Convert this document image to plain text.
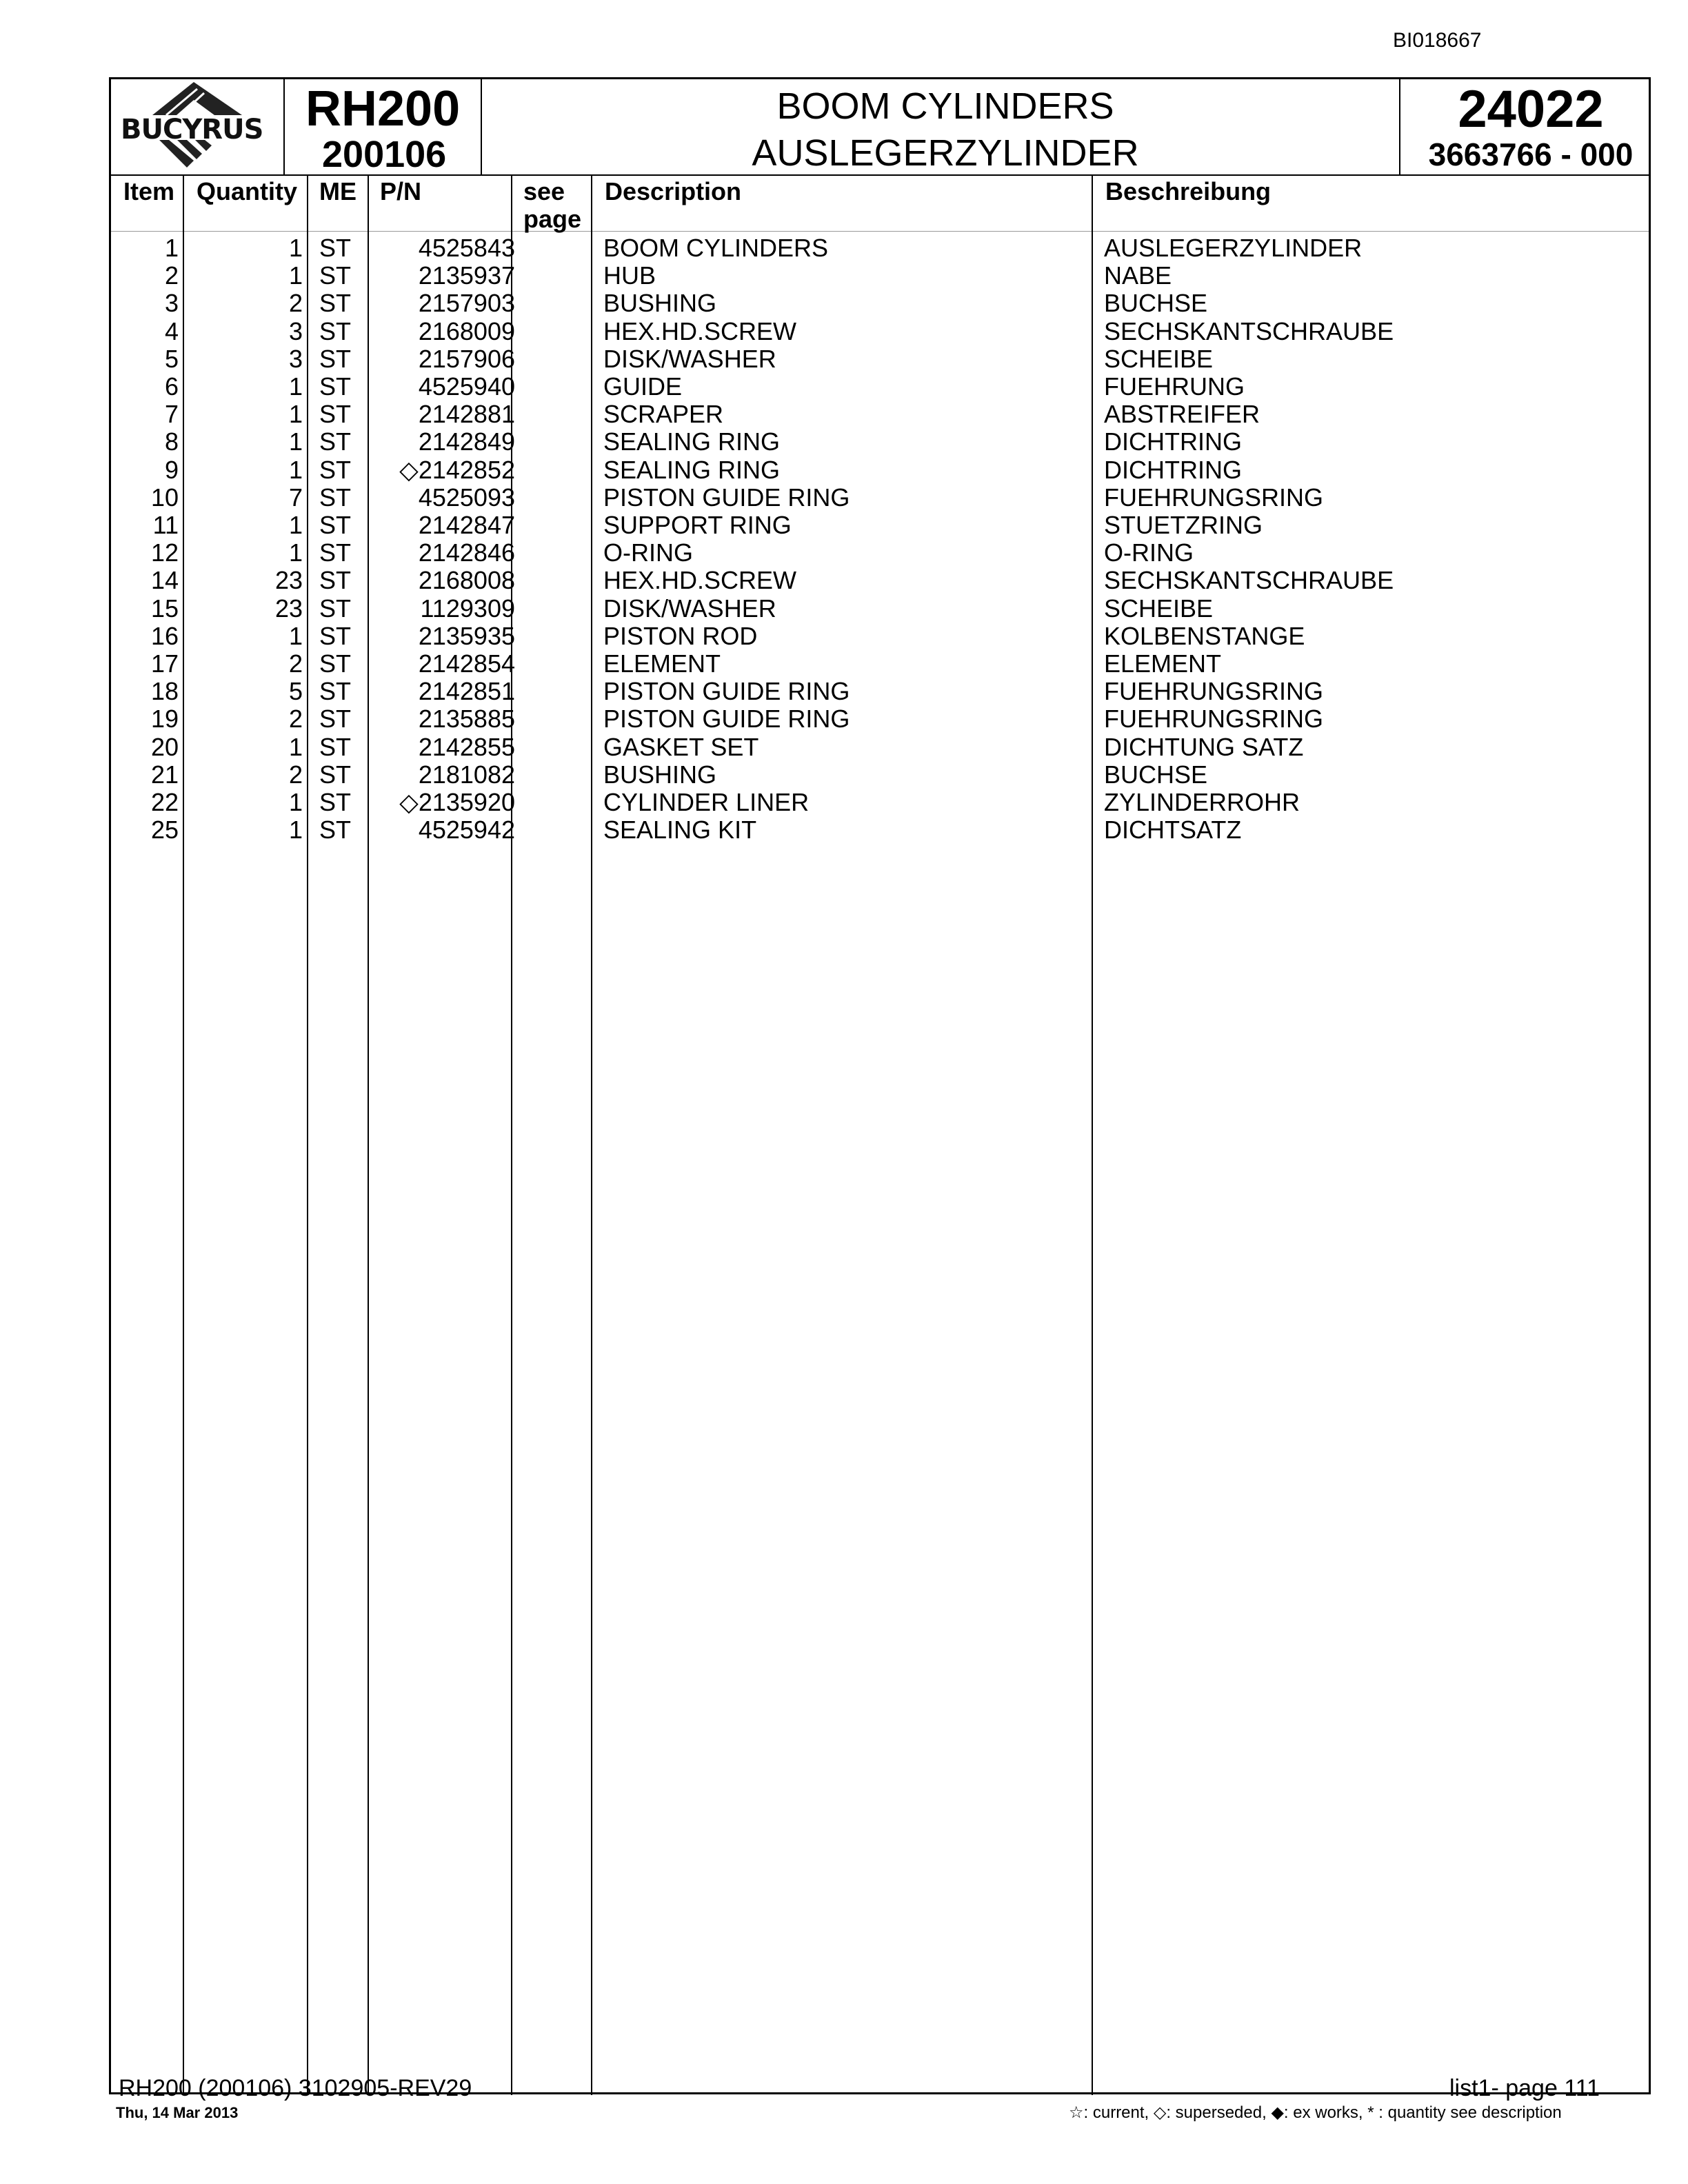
BI018667
BUCYRUS RH200
200106
BOOM CYLINDERS
AUSLEGERZYLINDER
24022
3663766 - 000
Item Quantity ME P/N	see
page
Description	Beschreibung
1	1 ST	4525843	BOOM CYLINDERS	AUSLEGERZYLINDER
2	1 ST	2135937	HUB	NABE
3	2 ST	2157903	BUSHING	BUCHSE
4	3 ST	2168009	HEX.HD.SCREW	SECHSKANTSCHRAUBE
5	3 ST	2157906	DISK/WASHER	SCHEIBE
6	1 ST	4525940	GUIDE	FUEHRUNG
7	1 ST	2142881	SCRAPER	ABSTREIFER
8	1 ST	2142849	SEALING RING	DICHTRING
9	1 ST ◇2142852	SEALING RING	DICHTRING
10	7 ST	4525093	PISTON GUIDE RING	FUEHRUNGSRING
11	1 ST	2142847	SUPPORT RING	STUETZRING
12	1 ST	2142846	O-RING	O-RING
14	23 ST	2168008	HEX.HD.SCREW	SECHSKANTSCHRAUBE
15	23 ST	1129309	DISK/WASHER	SCHEIBE
16	1 ST	2135935	PISTON ROD	KOLBENSTANGE
17	2 ST	2142854	ELEMENT	ELEMENT
18	5 ST	2142851	PISTON GUIDE RING	FUEHRUNGSRING
19	2 ST	2135885	PISTON GUIDE RING	FUEHRUNGSRING
20	1 ST	2142855	GASKET SET	DICHTUNG SATZ
21	2 ST	2181082	BUSHING	BUCHSE
22	1 ST ◇2135920	CYLINDER LINER	ZYLINDERROHR
25	1 ST	4525942	SEALING KIT	DICHTSATZ
RH200 (200106) 3102905-REV29
Thu, 14 Mar 2013
list1- page 111
☆: current, ◇: superseded, ◆: ex works, * : quantity see description
